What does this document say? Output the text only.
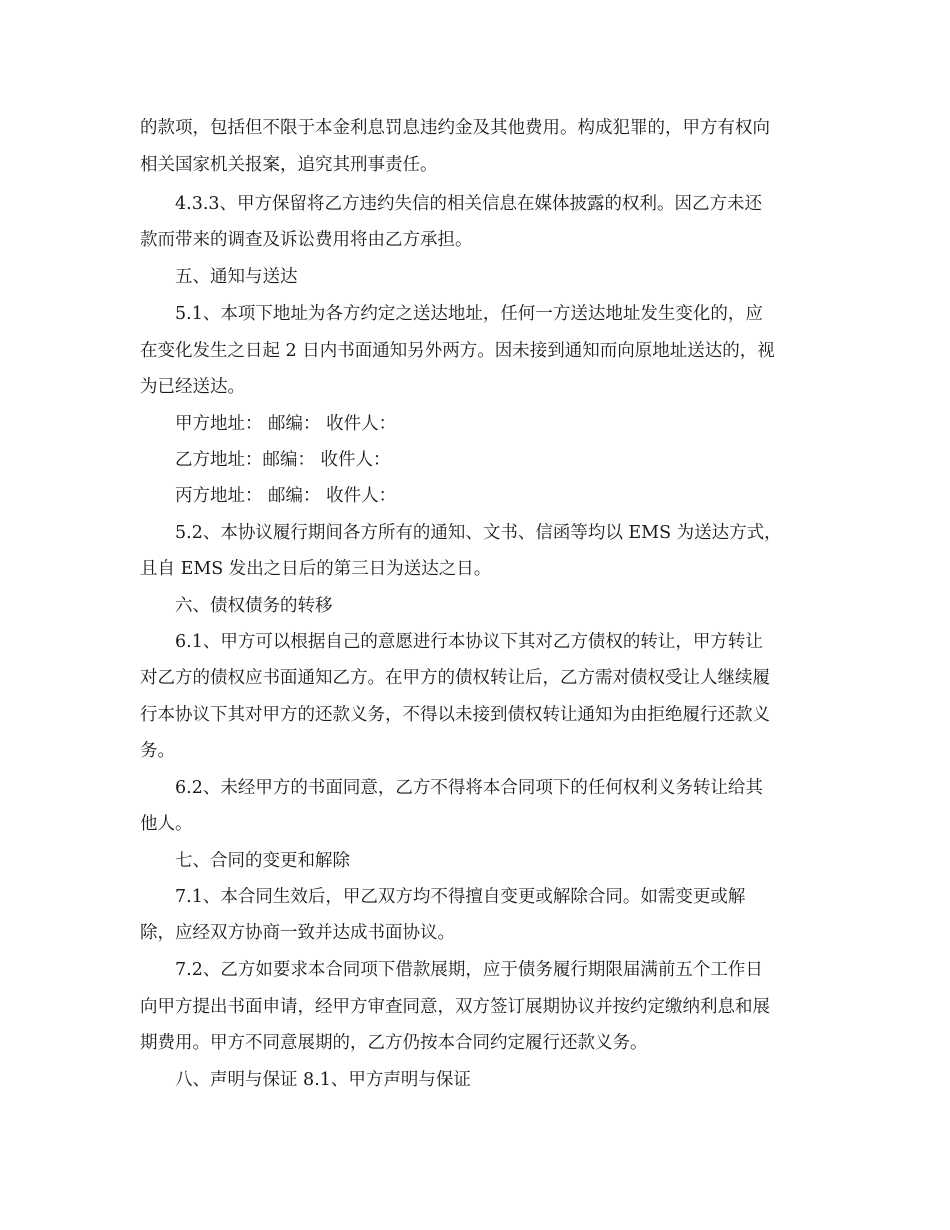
的款项，包括但不限于本金利息罚息违约金及其他费用。构成犯罪的，甲方有权向

相关国家机关报案，追究其刑事责任。

4.3.3、甲方保留将乙方违约失信的相关信息在媒体披露的权利。因乙方未还

款而带来的调查及诉讼费用将由乙方承担。

五、通知与送达

5.1、本项下地址为各方约定之送达地址，任何一方送达地址发生变化的，应

在变化发生之日起 2 日内书面通知另外两方。因未接到通知而向原地址送达的，视

为已经送达。

甲方地址： 邮编： 收件人：

乙方地址：邮编： 收件人：

丙方地址： 邮编： 收件人：

5.2、本协议履行期间各方所有的通知、文书、信函等均以 EMS 为送达方式，

且自 EMS 发出之日后的第三日为送达之日。

六、债权债务的转移

6.1、甲方可以根据自己的意愿进行本协议下其对乙方债权的转让，甲方转让

对乙方的债权应书面通知乙方。在甲方的债权转让后，乙方需对债权受让人继续履

行本协议下其对甲方的还款义务，不得以未接到债权转让通知为由拒绝履行还款义

务。

6.2、未经甲方的书面同意，乙方不得将本合同项下的任何权利义务转让给其

他人。

七、合同的变更和解除

7.1、本合同生效后，甲乙双方均不得擅自变更或解除合同。如需变更或解

除，应经双方协商一致并达成书面协议。

7.2、乙方如要求本合同项下借款展期，应于债务履行期限届满前五个工作日

向甲方提出书面申请，经甲方审查同意，双方签订展期协议并按约定缴纳利息和展

期费用。甲方不同意展期的，乙方仍按本合同约定履行还款义务。

八、声明与保证 8.1、甲方声明与保证
